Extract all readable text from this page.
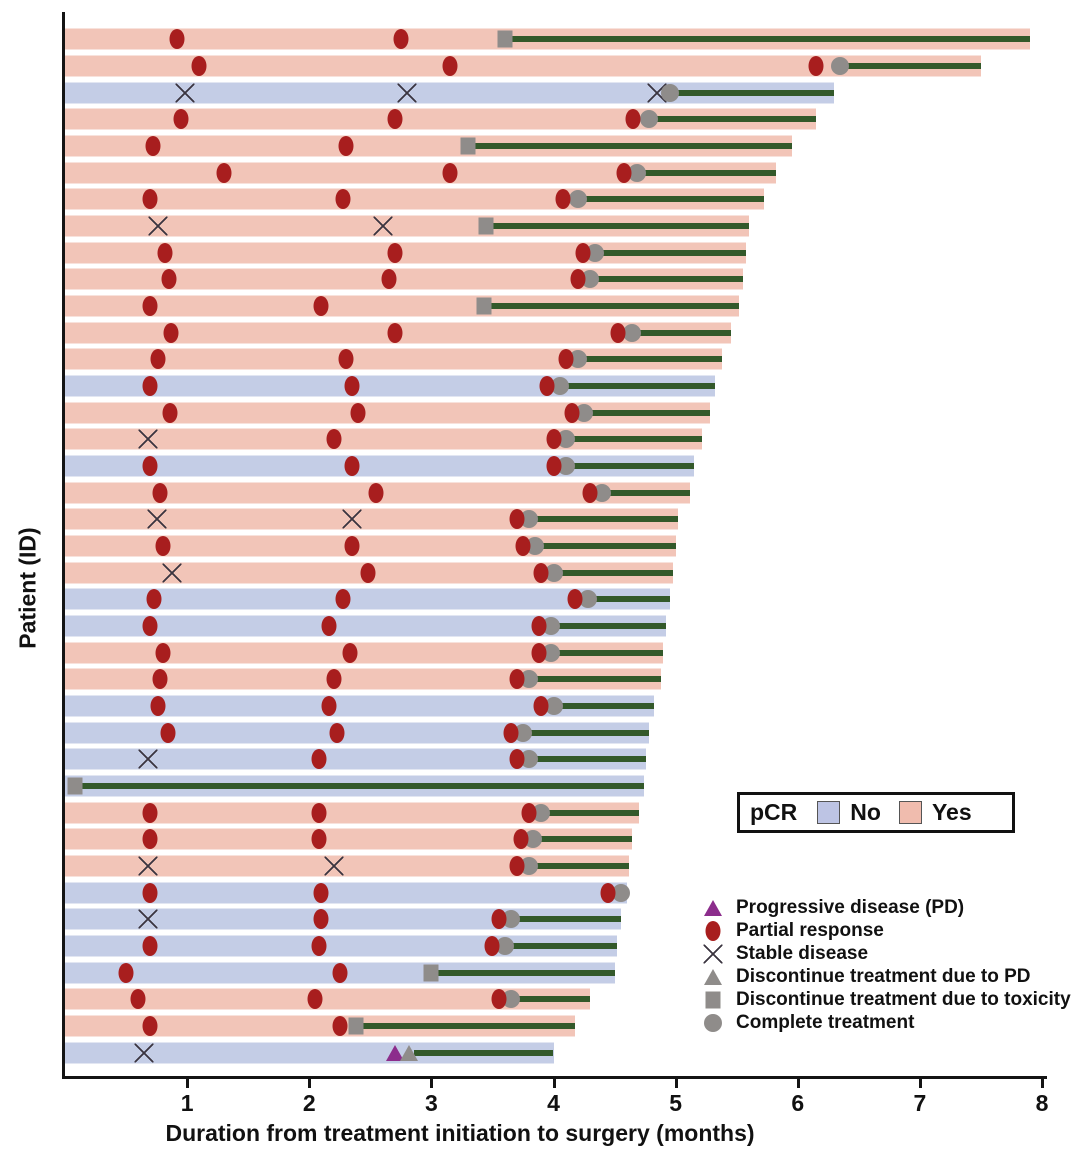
Patient (ID)
1	2	3	4	5	6	7	8
Duration from treatment initiation to surgery (months)
pCR No Yes
Progressive disease (PD)
Partial response
Stable disease
Discontinue treatment due to PD
Discontinue treatment due to toxicity
Complete treatment
